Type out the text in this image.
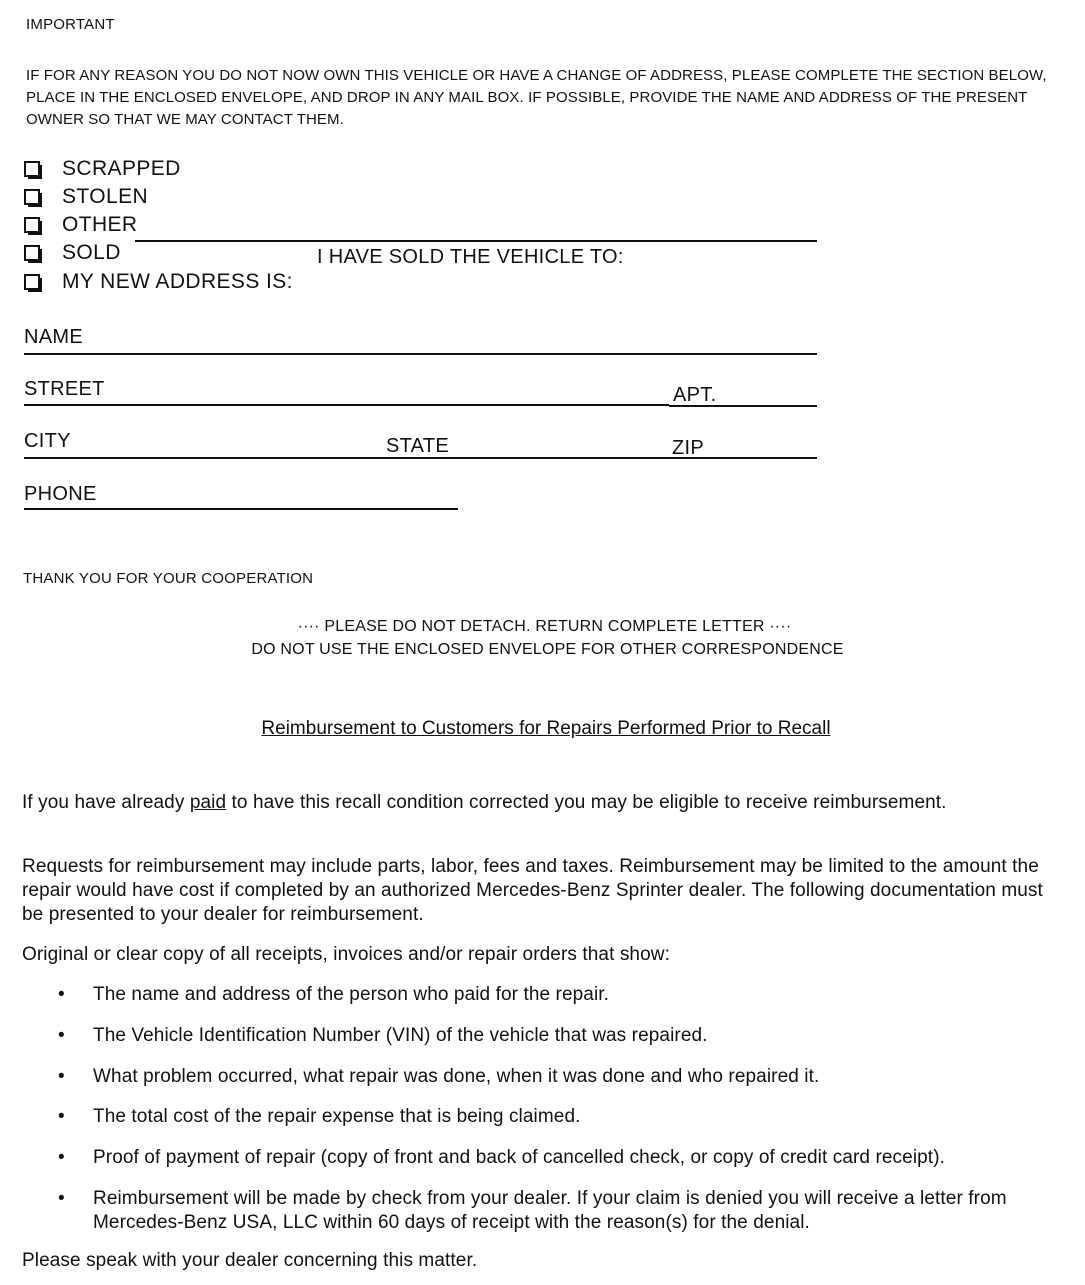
IMPORTANT
IF FOR ANY REASON YOU DO NOT NOW OWN THIS VEHICLE OR HAVE A CHANGE OF ADDRESS, PLEASE COMPLETE THE SECTION BELOW, PLACE IN THE ENCLOSED ENVELOPE, AND DROP IN ANY MAIL BOX. IF POSSIBLE, PROVIDE THE NAME AND ADDRESS OF THE PRESENT OWNER SO THAT WE MAY CONTACT THEM.
SCRAPPED
STOLEN
OTHER
SOLD	I HAVE SOLD THE VEHICLE TO:
MY NEW ADDRESS IS:
NAME
STREET	APT.
CITY	STATE	ZIP
PHONE
THANK YOU FOR YOUR COOPERATION
···· PLEASE DO NOT DETACH. RETURN COMPLETE LETTER ····
DO NOT USE THE ENCLOSED ENVELOPE FOR OTHER CORRESPONDENCE
Reimbursement to Customers for Repairs Performed Prior to Recall
If you have already paid to have this recall condition corrected you may be eligible to receive reimbursement.
Requests for reimbursement may include parts, labor, fees and taxes. Reimbursement may be limited to the amount the repair would have cost if completed by an authorized Mercedes-Benz Sprinter dealer. The following documentation must be presented to your dealer for reimbursement.
Original or clear copy of all receipts, invoices and/or repair orders that show:
• The name and address of the person who paid for the repair.
• The Vehicle Identification Number (VIN) of the vehicle that was repaired.
• What problem occurred, what repair was done, when it was done and who repaired it.
• The total cost of the repair expense that is being claimed.
• Proof of payment of repair (copy of front and back of cancelled check, or copy of credit card receipt).
• Reimbursement will be made by check from your dealer. If your claim is denied you will receive a letter from Mercedes-Benz USA, LLC within 60 days of receipt with the reason(s) for the denial.
Please speak with your dealer concerning this matter.
